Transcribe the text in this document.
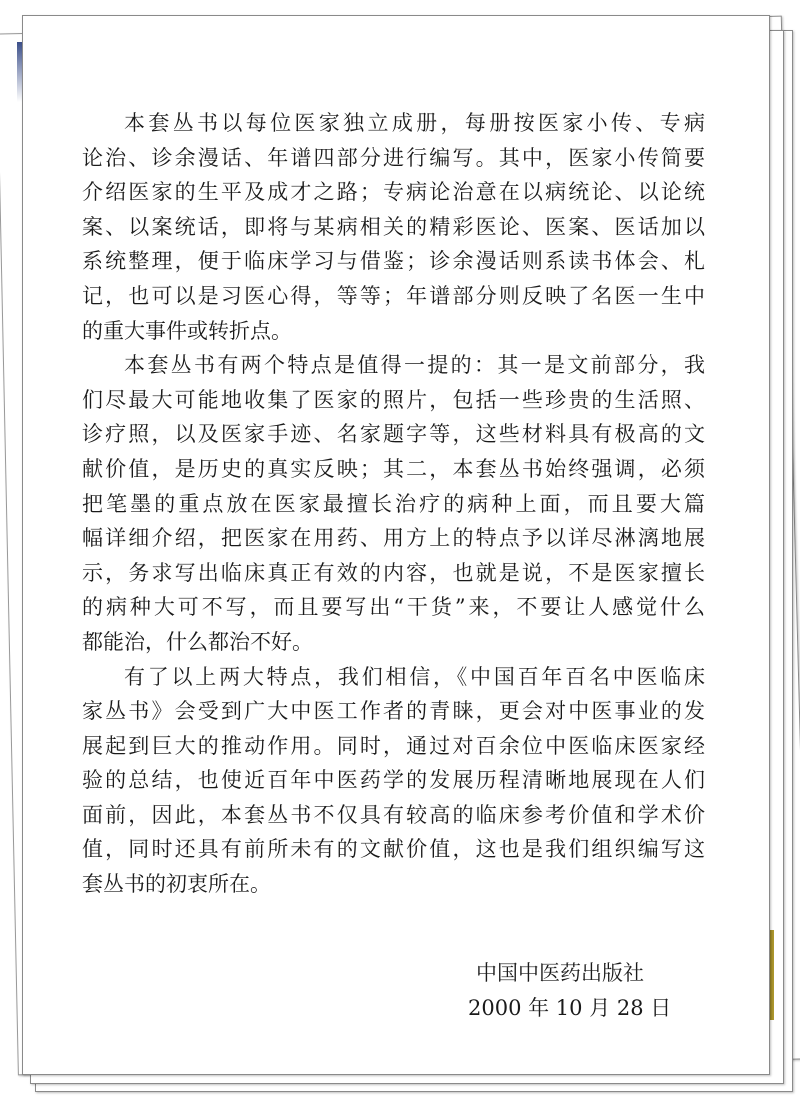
本套丛书以每位医家独立成册，每册按医家小传、专病
论治、诊余漫话、年谱四部分进行编写。其中，医家小传简要
介绍医家的生平及成才之路；专病论治意在以病统论、以论统
案、以案统话，即将与某病相关的精彩医论、医案、医话加以
系统整理，便于临床学习与借鉴；诊余漫话则系读书体会、札
记，也可以是习医心得，等等；年谱部分则反映了名医一生中
的重大事件或转折点。
本套丛书有两个特点是值得一提的：其一是文前部分，我
们尽最大可能地收集了医家的照片，包括一些珍贵的生活照、
诊疗照，以及医家手迹、名家题字等，这些材料具有极高的文
献价值，是历史的真实反映；其二，本套丛书始终强调，必须
把笔墨的重点放在医家最擅长治疗的病种上面，而且要大篇
幅详细介绍，把医家在用药、用方上的特点予以详尽淋漓地展
示，务求写出临床真正有效的内容，也就是说，不是医家擅长
的病种大可不写，而且要写出“干货”来，不要让人感觉什么
都能治，什么都治不好。
有了以上两大特点，我们相信，《中国百年百名中医临床
家丛书》会受到广大中医工作者的青睐，更会对中医事业的发
展起到巨大的推动作用。同时，通过对百余位中医临床医家经
验的总结，也使近百年中医药学的发展历程清晰地展现在人们
面前，因此，本套丛书不仅具有较高的临床参考价值和学术价
值，同时还具有前所未有的文献价值，这也是我们组织编写这
套丛书的初衷所在。
中国中医药出版社
2000 年 10 月 28 日
